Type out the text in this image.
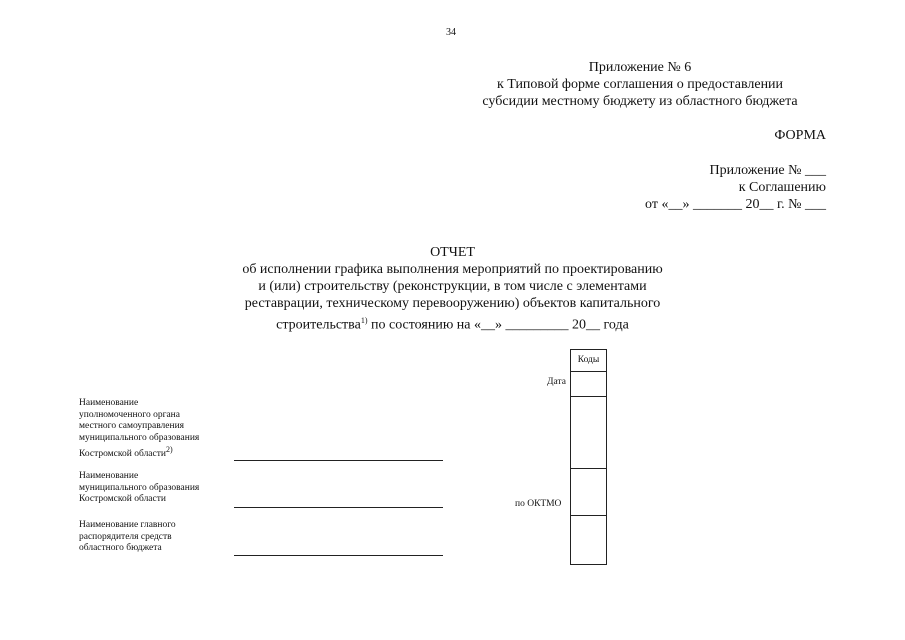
34
Приложение № 6
к Типовой форме соглашения о предоставлении
субсидии местному бюджету из областного бюджета
ФОРМА
Приложение № ___
к Соглашению
от «__» _______ 20__ г. № ___
ОТЧЕТ
об исполнении графика выполнения мероприятий по проектированию
и (или) строительству (реконструкции, в том числе с элементами
реставрации, техническому перевооружению) объектов капитального
строительства$^{1)}$ по состоянию на «__» _________ 20__ года
Коды
Дата
по ОКТМО
Наименование
уполномоченного органа
местного самоуправления
муниципального образования
Костромской области$^{2)}$
Наименование
муниципального образования
Костромской области
Наименование главного
распорядителя средств
областного бюджета
